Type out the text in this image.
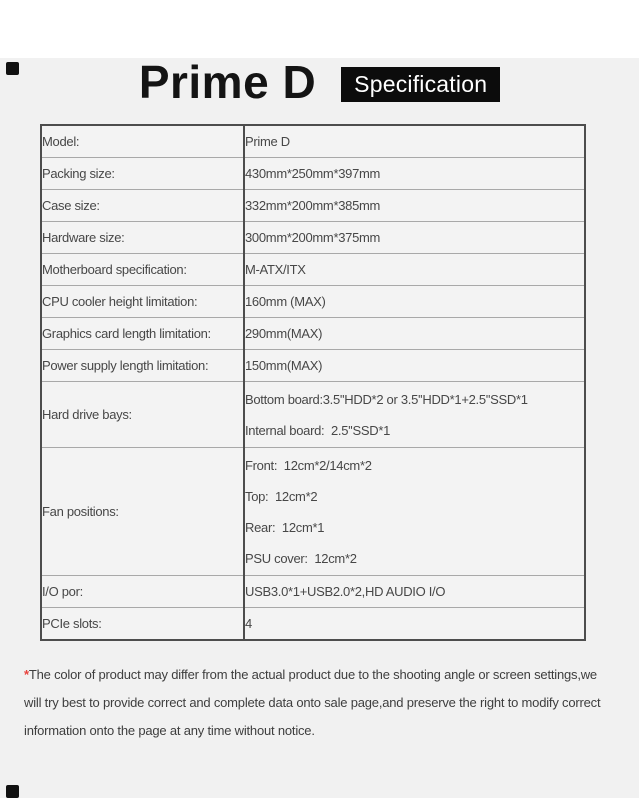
Prime D	Specification
Model:	Prime D

Packing size:	430mm*250mm*397mm

Case size:	332mm*200mm*385mm

Hardware size:	300mm*200mm*375mm

Motherboard specification:	M-ATX/ITX

CPU cooler height limitation:	160mm (MAX)

Graphics card length limitation:	290mm(MAX)

Power supply length limitation:	150mm(MAX)

Hard drive bays:	Bottom board:3.5''HDD*2 or 3.5''HDD*1+2.5''SSD*1
Internal board:  2.5''SSD*1

Fan positions:	Front:  12cm*2/14cm*2
Top:  12cm*2
Rear:  12cm*1
PSU cover:  12cm*2

I/O por:	USB3.0*1+USB2.0*2,HD AUDIO I/O

PCIe slots:	4

*The color of product may differ from the actual product due to the shooting angle or screen settings,we will try best to provide correct and complete data onto sale page,and preserve the right to modify correct information onto the page at any time without notice.
